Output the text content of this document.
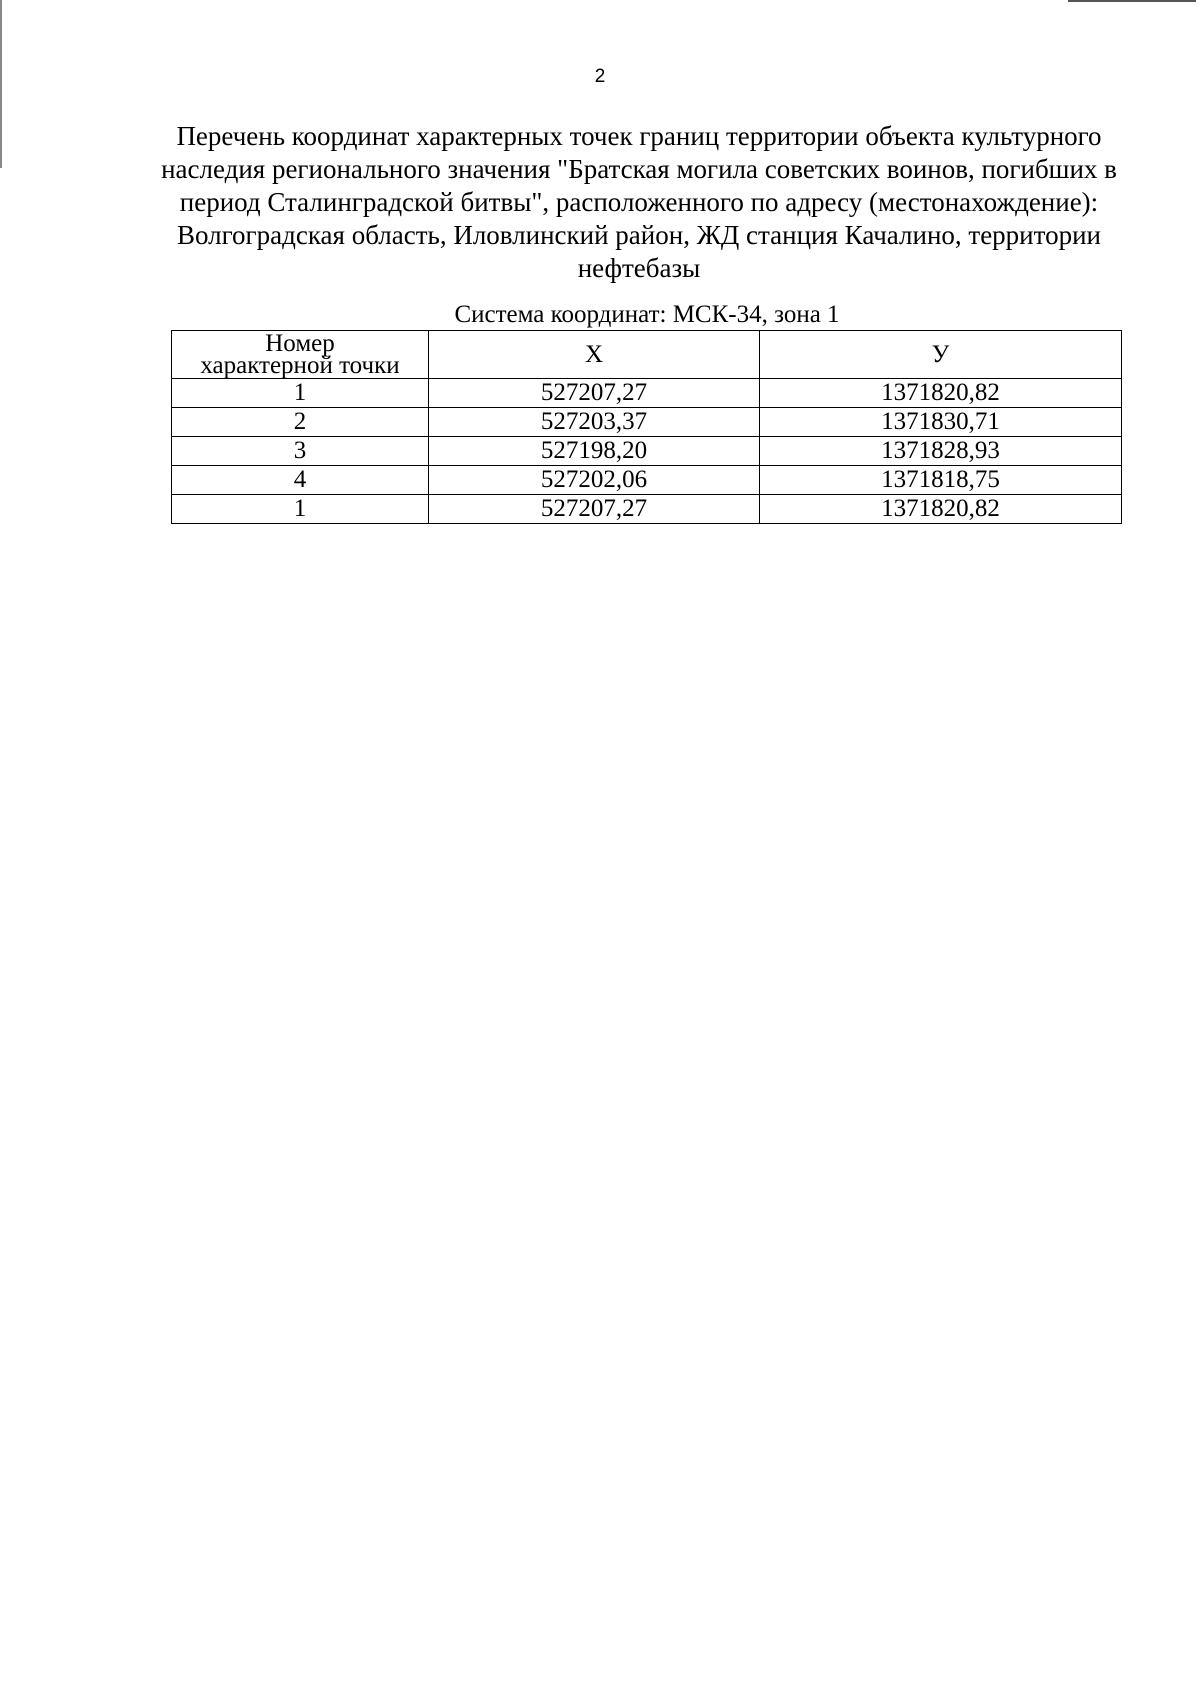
2
Перечень координат характерных точек границ территории объекта культурного наследия регионального значения "Братская могила советских воинов, погибших в период Сталинградской битвы", расположенного по адресу (местонахождение): Волгоградская область, Иловлинский район, ЖД станция Качалино, территории нефтебазы
Система координат: МСК-34, зона 1
Номер
характерной точки	X	У
1	527207,27	1371820,82
2	527203,37	1371830,71
3	527198,20	1371828,93
4	527202,06	1371818,75
1	527207,27	1371820,82
